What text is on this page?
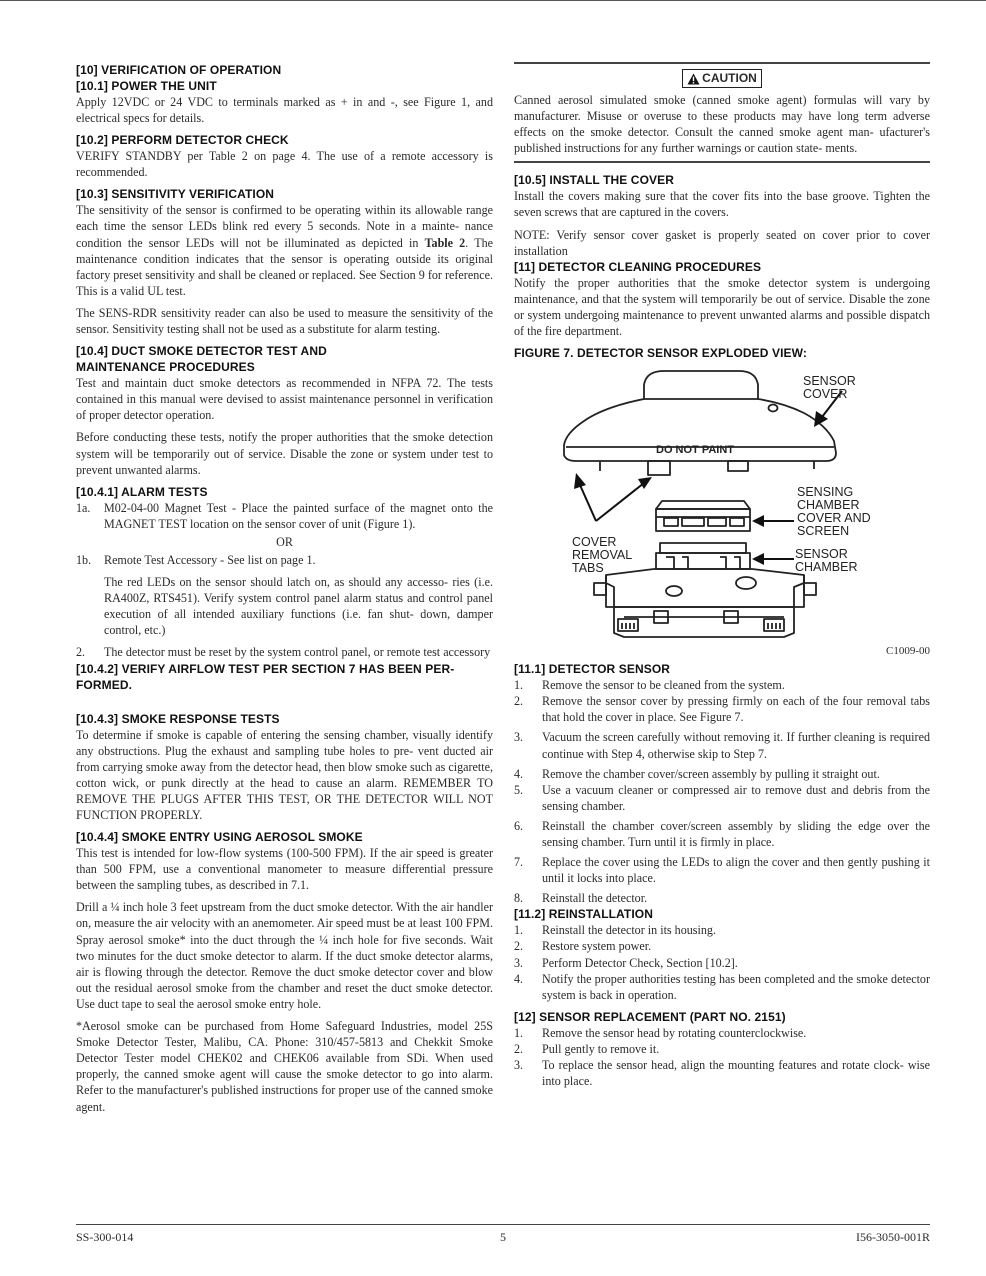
[10] VERIFICATION OF OPERATION
[10.1] POWER THE UNIT

Apply 12VDC or 24 VDC to terminals marked as + in and -, see Figure 1, and electrical specs for details.

[10.2] PERFORM DETECTOR CHECK

VERIFY STANDBY per Table 2 on page 4. The use of a remote accessory is recommended.

[10.3] SENSITIVITY VERIFICATION

The sensitivity of the sensor is confirmed to be operating within its allowable range each time the sensor LEDs blink red every 5 seconds. Note in a mainte- nance condition the sensor LEDs will not be illuminated as depicted in Table 2. The maintenance condition indicates that the sensor is operating outside its original factory preset sensitivity and shall be cleaned or replaced. See Section 9 for reference. This is a valid UL test.

The SENS-RDR sensitivity reader can also be used to measure the sensitivity of the sensor. Sensitivity testing shall not be used as a substitute for alarm testing.

[10.4] DUCT SMOKE DETECTOR TEST AND
MAINTENANCE PROCEDURES

Test and maintain duct smoke detectors as recommended in NFPA 72. The tests contained in this manual were devised to assist maintenance personnel in verification of proper detector operation.

Before conducting these tests, notify the proper authorities that the smoke detection system will be temporarily out of service. Disable the zone or system under test to prevent unwanted alarms.

[10.4.1] ALARM TESTS
1a.	M02-04-00 Magnet Test - Place the painted surface of the magnet onto the MAGNET TEST location on the sensor cover of unit (Figure 1).
OR
1b.	Remote Test Accessory - See list on page 1.

The red LEDs on the sensor should latch on, as should any accesso- ries (i.e. RA400Z, RTS451). Verify system control panel alarm status and control panel execution of all intended auxiliary functions (i.e. fan shut- down, damper control, etc.)

2.	The detector must be reset by the system control panel, or remote test accessory
[10.4.2] VERIFY AIRFLOW TEST PER SECTION 7 HAS BEEN PER-
FORMED.
[10.4.3] SMOKE RESPONSE TESTS

To determine if smoke is capable of entering the sensing chamber, visually identify any obstructions. Plug the exhaust and sampling tube holes to pre- vent ducted air from carrying smoke away from the detector head, then blow smoke such as cigarette, cotton wick, or punk directly at the head to cause an alarm. REMEMBER TO REMOVE THE PLUGS AFTER THIS TEST, OR THE DETECTOR WILL NOT FUNCTION PROPERLY.

[10.4.4] SMOKE ENTRY USING AEROSOL SMOKE

This test is intended for low-flow systems (100-500 FPM). If the air speed is greater than 500 FPM, use a conventional manometer to measure differential pressure between the sampling tubes, as described in 7.1.

Drill a ¼ inch hole 3 feet upstream from the duct smoke detector. With the air handler on, measure the air velocity with an anemometer. Air speed must be at least 100 FPM. Spray aerosol smoke* into the duct through the ¼ inch hole for five seconds. Wait two minutes for the duct smoke detector to alarm. If the duct smoke detector alarms, air is flowing through the detector. Remove the duct smoke detector cover and blow out the residual aerosol smoke from the chamber and reset the duct smoke detector. Use duct tape to seal the aerosol smoke entry hole.

*Aerosol smoke can be purchased from Home Safeguard Industries, model 25S Smoke Detector Tester, Malibu, CA. Phone: 310/457-5813 and Chekkit Smoke Detector Tester model CHEK02 and CHEK06 available from SDi. When used properly, the canned smoke agent will cause the smoke detector to go into alarm. Refer to the manufacturer's published instructions for proper use of the canned smoke agent.

CAUTION

Canned aerosol simulated smoke (canned smoke agent) formulas will vary by manufacturer. Misuse or overuse to these products may have long term adverse effects on the smoke detector. Consult the canned smoke agent man- ufacturer's published instructions for any further warnings or caution state- ments.

[10.5] INSTALL THE COVER

Install the covers making sure that the cover fits into the base groove. Tighten the seven screws that are captured in the covers.

NOTE: Verify sensor cover gasket is properly seated on cover prior to cover installation

[11] DETECTOR CLEANING PROCEDURES

Notify the proper authorities that the smoke detector system is undergoing maintenance, and that the system will temporarily be out of service. Disable the zone or system undergoing maintenance to prevent unwanted alarms and possible dispatch of the fire department.

FIGURE 7. DETECTOR SENSOR EXPLODED VIEW:
DO NOT PAINT
SENSOR
COVER
SENSING
CHAMBER
COVER AND
SCREEN
COVER
REMOVAL
TABS
SENSOR
CHAMBER
C1009-00
[11.1] DETECTOR SENSOR
1.	Remove the sensor to be cleaned from the system.
2.	Remove the sensor cover by pressing firmly on each of the four removal tabs that hold the cover in place. See Figure 7.
3.	Vacuum the screen carefully without removing it. If further cleaning is required continue with Step 4, otherwise skip to Step 7.
4.	Remove the chamber cover/screen assembly by pulling it straight out.
5.	Use a vacuum cleaner or compressed air to remove dust and debris from the sensing chamber.
6.	Reinstall the chamber cover/screen assembly by sliding the edge over the sensing chamber. Turn until it is firmly in place.
7.	Replace the cover using the LEDs to align the cover and then gently pushing it until it locks into place.
8.	Reinstall the detector.
[11.2] REINSTALLATION
1.	Reinstall the detector in its housing.
2.	Restore system power.
3.	Perform Detector Check, Section [10.2].
4.	Notify the proper authorities testing has been completed and the smoke detector system is back in operation.
[12] SENSOR REPLACEMENT (PART NO. 2151)
1.	Remove the sensor head by rotating counterclockwise.
2.	Pull gently to remove it.
3.	To replace the sensor head, align the mounting features and rotate clock- wise into place.
SS-300-014	5	I56-3050-001R
